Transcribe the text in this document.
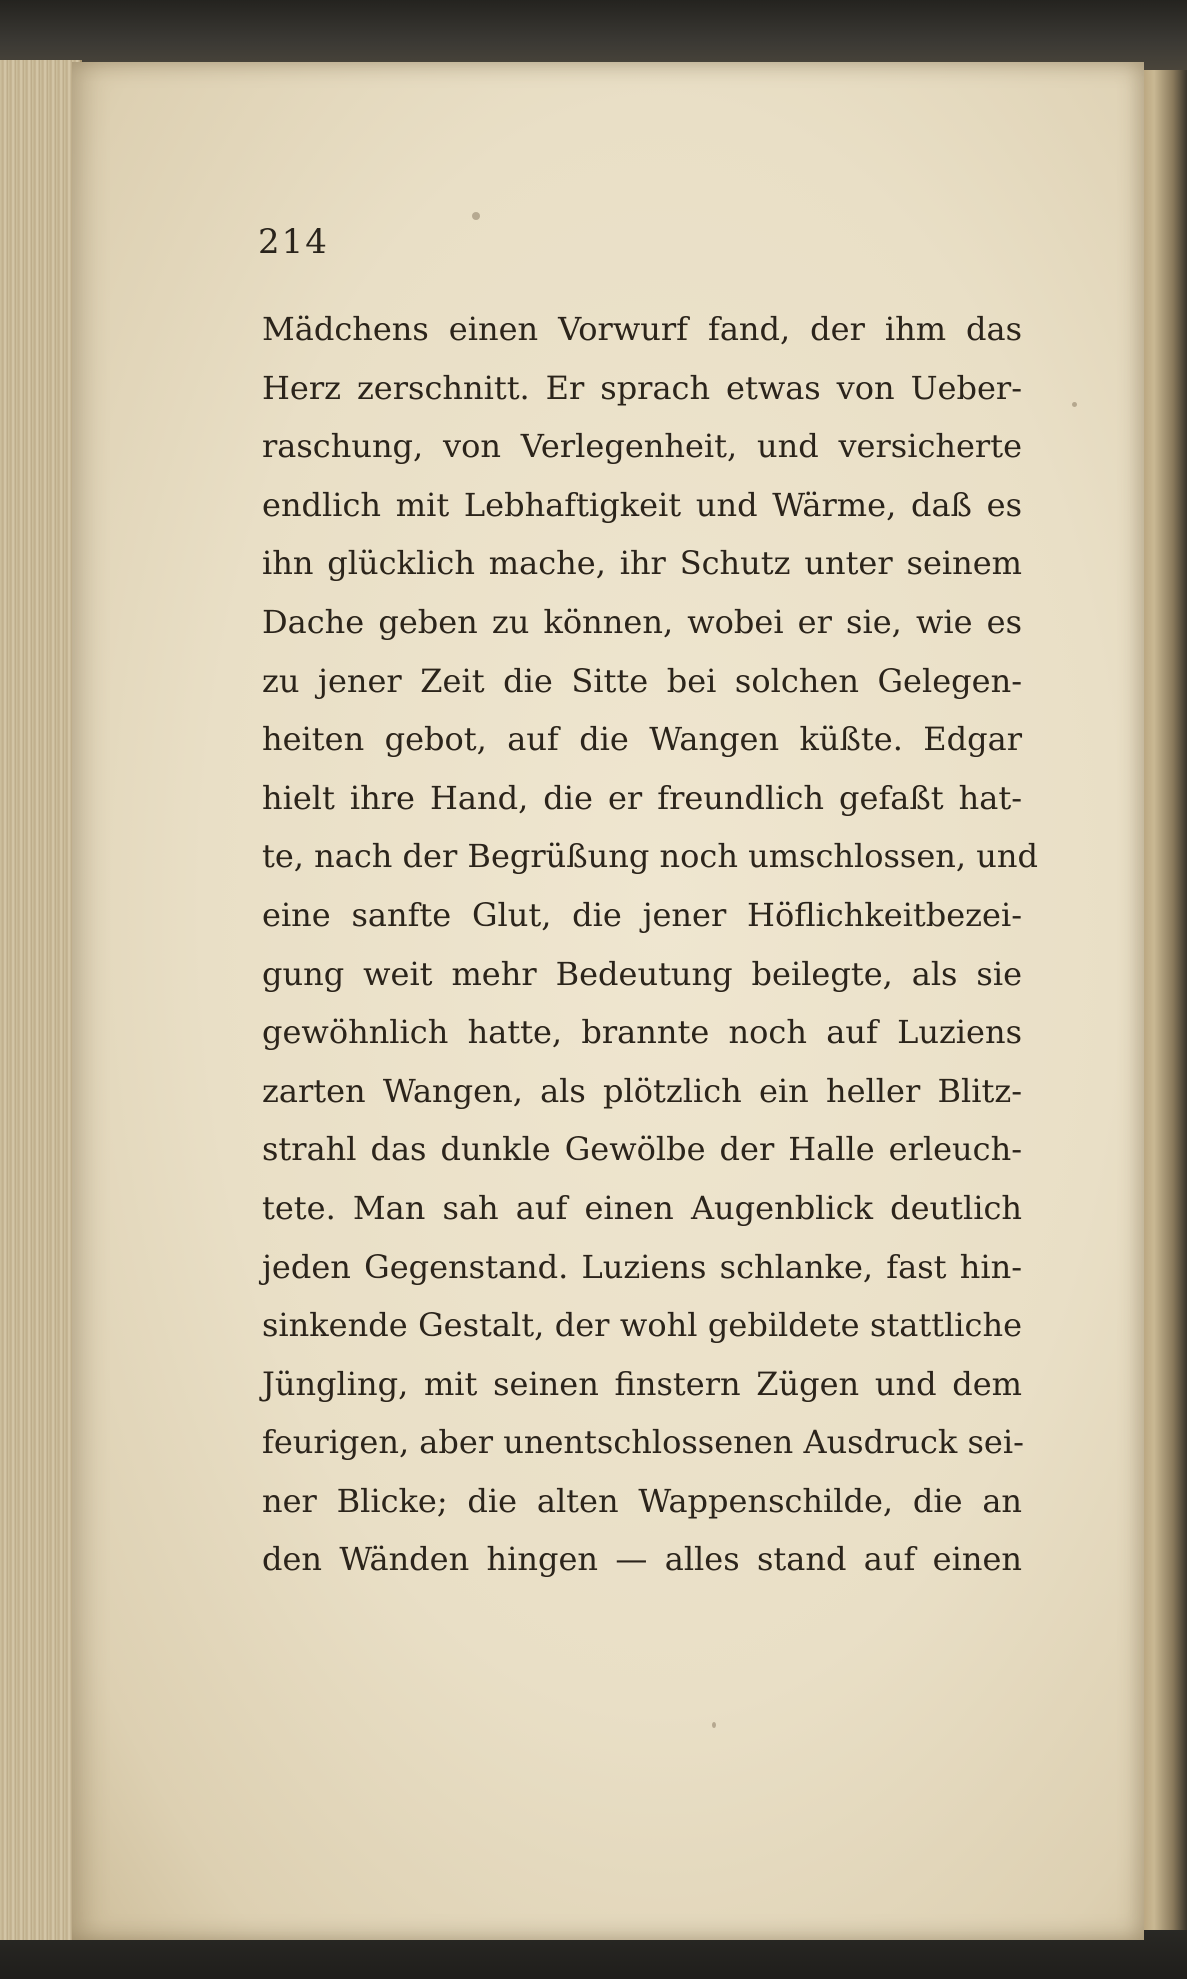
214
Mädchens einen Vorwurf fand, der ihm das
Herz zerschnitt. Er sprach etwas von Ueber-
raschung, von Verlegenheit, und versicherte
endlich mit Lebhaftigkeit und Wärme, daß es
ihn glücklich mache, ihr Schutz unter seinem
Dache geben zu können, wobei er sie, wie es
zu jener Zeit die Sitte bei solchen Gelegen-
heiten gebot, auf die Wangen küßte. Edgar
hielt ihre Hand, die er freundlich gefaßt hat-
te, nach der Begrüßung noch umschlossen, und
eine sanfte Glut, die jener Höflichkeitbezei-
gung weit mehr Bedeutung beilegte, als sie
gewöhnlich hatte, brannte noch auf Luziens
zarten Wangen, als plötzlich ein heller Blitz-
strahl das dunkle Gewölbe der Halle erleuch-
tete. Man sah auf einen Augenblick deutlich
jeden Gegenstand. Luziens schlanke, fast hin-
sinkende Gestalt, der wohl gebildete stattliche
Jüngling, mit seinen finstern Zügen und dem
feurigen, aber unentschlossenen Ausdruck sei-
ner Blicke; die alten Wappenschilde, die an
den Wänden hingen — alles stand auf einen
